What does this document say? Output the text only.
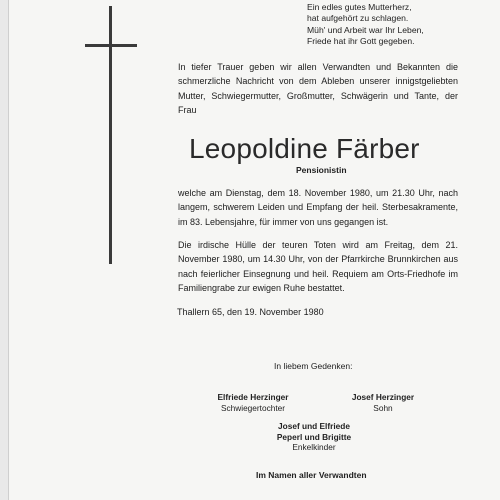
Ein edles gutes Mutterherz,
hat aufgehört zu schlagen.
Müh' und Arbeit war Ihr Leben,
Friede hat ihr Gott gegeben.
In tiefer Trauer geben wir allen Verwandten und Bekannten die schmerzliche Nachricht von dem Ableben unserer innigstgeliebten Mutter, Schwiegermutter, Großmutter, Schwägerin und Tante, der Frau
Leopoldine Färber
Pensionistin
welche am Dienstag, dem 18. November 1980, um 21.30 Uhr, nach langem, schwerem Leiden und Empfang der heil. Sterbesakramente, im 83. Lebensjahre, für immer von uns gegangen ist.
Die irdische Hülle der teuren Toten wird am Freitag, dem 21. November 1980, um 14.30 Uhr, von der Pfarrkirche Brunnkirchen aus nach feierlicher Einsegnung und heil. Requiem am Orts-Friedhofe im Familiengrabe zur ewigen Ruhe bestattet.
Thallern 65, den 19. November 1980
In liebem Gedenken:
Elfriede Herzinger
Schwiegertochter
Josef Herzinger
Sohn
Josef und Elfriede
Peperl und Brigitte
Enkelkinder
Im Namen aller Verwandten
